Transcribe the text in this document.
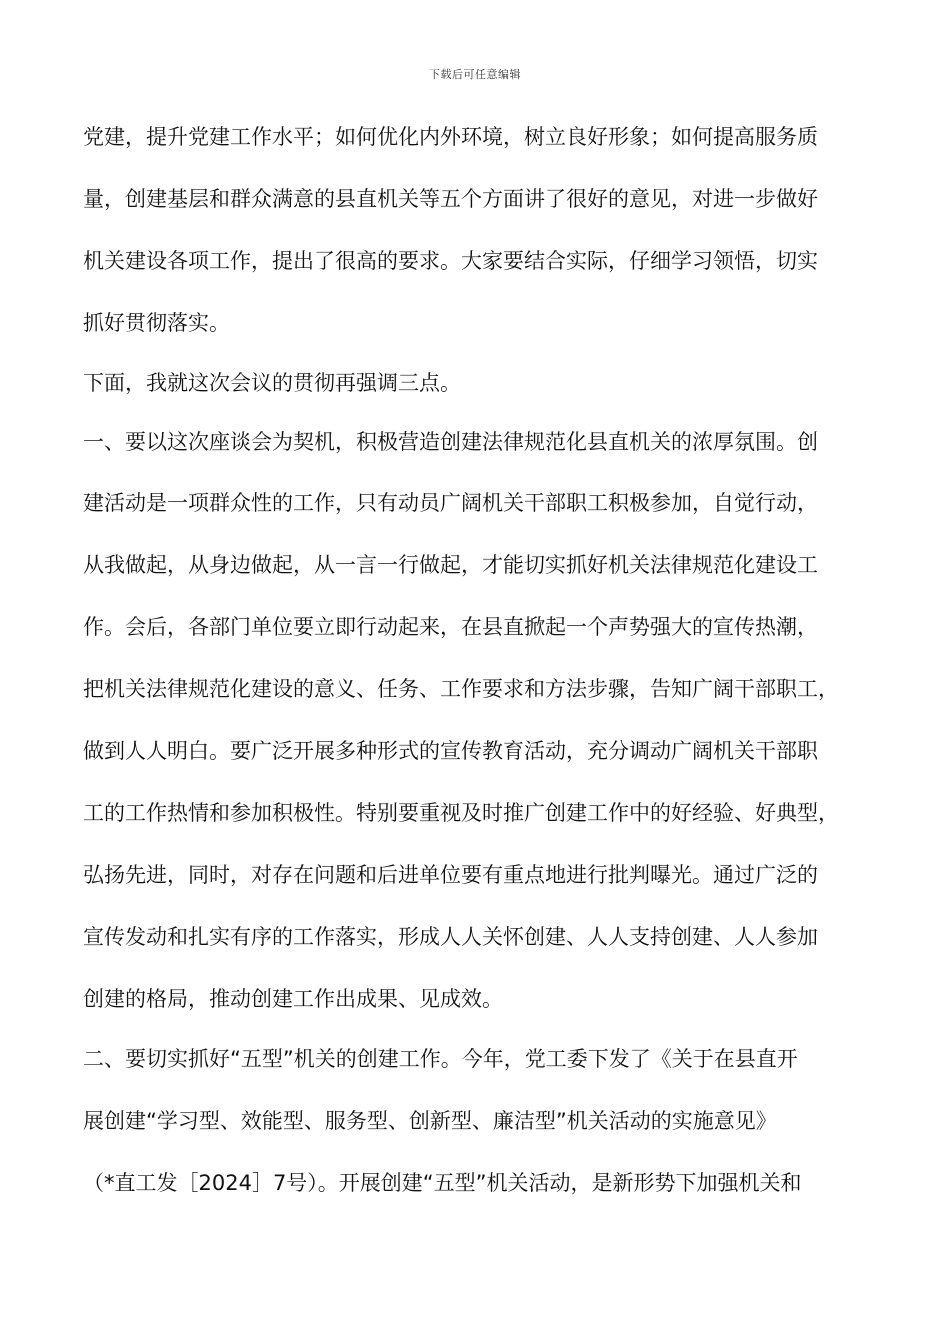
下载后可任意编辑
党建，提升党建工作水平；如何优化内外环境，树立良好形象；如何提高服务质
量，创建基层和群众满意的县直机关等五个方面讲了很好的意见，对进一步做好
机关建设各项工作，提出了很高的要求。大家要结合实际，仔细学习领悟，切实
抓好贯彻落实。
下面，我就这次会议的贯彻再强调三点。
一、要以这次座谈会为契机，积极营造创建法律规范化县直机关的浓厚氛围。创
建活动是一项群众性的工作，只有动员广阔机关干部职工积极参加，自觉行动，
从我做起，从身边做起，从一言一行做起，才能切实抓好机关法律规范化建设工
作。会后，各部门单位要立即行动起来，在县直掀起一个声势强大的宣传热潮，
把机关法律规范化建设的意义、任务、工作要求和方法步骤，告知广阔干部职工，
做到人人明白。要广泛开展多种形式的宣传教育活动，充分调动广阔机关干部职
工的工作热情和参加积极性。特别要重视及时推广创建工作中的好经验、好典型，
弘扬先进，同时，对存在问题和后进单位要有重点地进行批判曝光。通过广泛的
宣传发动和扎实有序的工作落实，形成人人关怀创建、人人支持创建、人人参加
创建的格局，推动创建工作出成果、见成效。
二、要切实抓好“五型”机关的创建工作。今年，党工委下发了《关于在县直开
展创建“学习型、效能型、服务型、创新型、廉洁型”机关活动的实施意见》
（*直工发［2024］7号）。开展创建“五型”机关活动，是新形势下加强机关和
